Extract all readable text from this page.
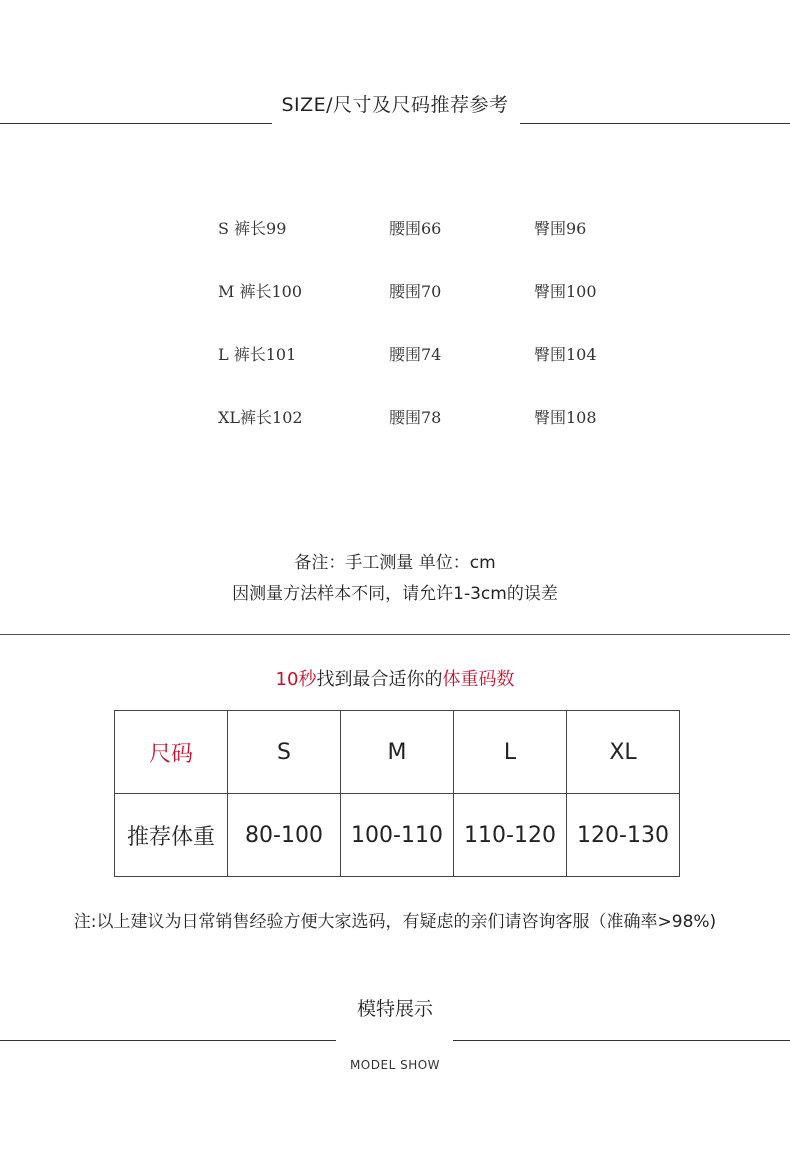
SIZE/尺寸及尺码推荐参考
S 裤长99	腰围66	臀围96
M 裤长100	腰围70	臀围100
L 裤长101	腰围74	臀围104
XL裤长102	腰围78	臀围108
备注：手工测量 单位：cm
因测量方法样本不同，请允许1-3cm的误差
10秒找到最合适你的体重码数
尺码	S	M	L	XL
推荐体重	80-100	100-110	110-120	120-130
注:以上建议为日常销售经验方便大家选码，有疑虑的亲们请咨询客服（准确率>98%)
模特展示
MODEL SHOW
